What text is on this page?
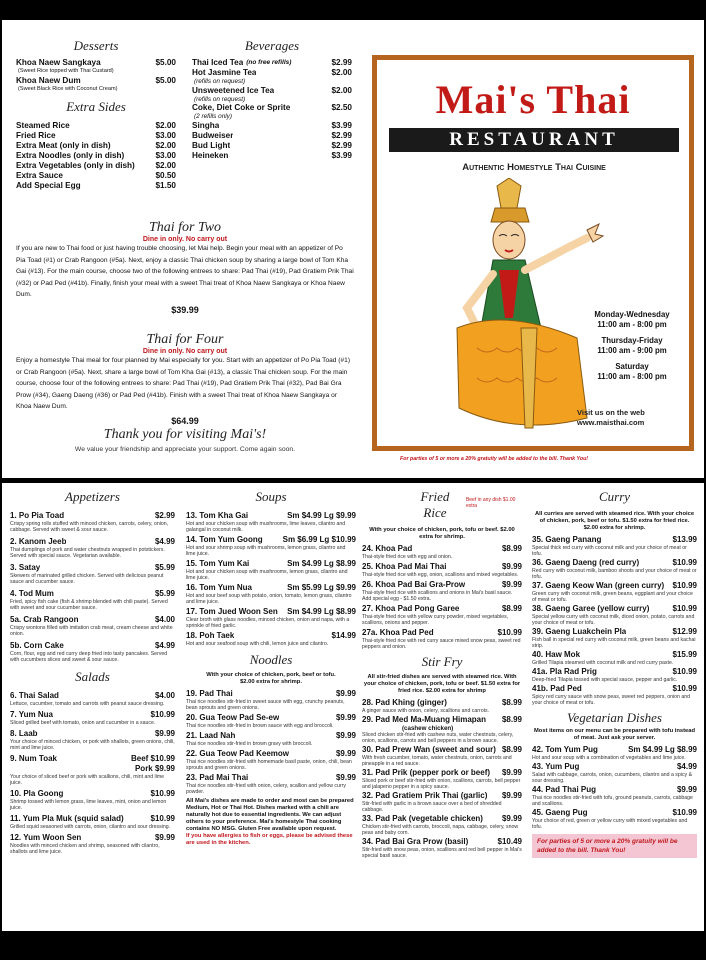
Desserts
Khoa Naew Sangkaya	$5.00
(Sweet Rice topped with Thai Custard)
Khoa Naew Dum	$5.00
(Sweet Black Rice with Coconut Cream)
Extra Sides
Steamed Rice	$2.00
Fried Rice	$3.00
Extra Meat (only in dish)	$2.00
Extra Noodles (only in dish)	$3.00
Extra Vegetables (only in dish)	$2.00
Extra Sauce	$0.50
Add Special Egg	$1.50
Beverages
Thai Iced Tea (no free refills)	$2.99
Hot Jasmine Tea	$2.00
(refills on request)
Unsweetened Ice Tea	$2.00
(refills on request)
Coke, Diet Coke or Sprite	$2.50
(2 refills only)
Singha	$3.99
Budweiser	$2.99
Bud Light	$2.99
Heineken	$3.99
Thai for Two
Dine in only. No carry out
If you are new to Thai food or just having trouble choosing, let Mai help. Begin your meal with an appetizer of Po Pia Toad (#1) or Crab Rangoon (#5a). Next, enjoy a classic Thai chicken soup by sharing a large bowl of Tom Kha Gai (#13). For the main course, choose two of the following entrees to share: Pad Thai (#19), Pad Gratiem Prik Thai (#32) or Pad Ped (#41b). Finally, finish your meal with a sweet Thai treat of Khoa Naew Sangkaya or Khoa Naew Dum.
$39.99
Thai for Four
Dine in only. No carry out
Enjoy a homestyle Thai meal for four planned by Mai especially for you. Start with an appetizer of Po Pia Toad (#1) or Crab Rangoon (#5a). Next, share a large bowl of Tom Kha Gai (#13), a classic Thai chicken soup. For the main course, choose four of the following entrees to share: Pad Thai (#19), Pad Gratiem Prik Thai (#32), Pad Bai Gra Prow (#34), Gaeng Daeng (#36) or Pad Ped (#41b). Finish with a sweet Thai treat of Khoa Naew Sangkaya or Khoa Naew Dum.
$64.99
Thank you for visiting Mai's!
We value your friendship and appreciate your support. Come again soon.
Mai's Thai
RESTAURANT
Authentic Homestyle Thai Cuisine
Monday-Wednesday
11:00 am - 8:00 pm
Thursday-Friday
11:00 am - 9:00 pm
Saturday
11:00 am - 8:00 pm
Visit us on the web
www.maisthai.com
For parties of 5 or more a 20% gratuity will be added to the bill. Thank You!
Appetizers
1. Po Pia Toad	$2.99
Crispy spring rolls stuffed with minced chicken, carrots, celery, onion, cabbage. Served with sweet & sour sauce.
2. Kanom Jeeb	$4.99
Thai dumplings of pork and water chestnuts wrapped in potstickers. Served with special sauce. Vegetarian available.
3. Satay	$5.99
Skewers of marinated grilled chicken. Served with delicious peanut sauce and cucumber sauce.
4. Tod Mum	$5.99
Fried, spicy fish cake (fish & shrimp blended with chili paste). Served with sweet and sour cucumber sauce.
5a. Crab Rangoon	$4.00
Crispy wontons filled with imitation crab meat, cream cheese and white onion.
5b. Corn Cake	$4.99
Corn, flour, egg and red curry deep fried into tasty pancakes. Served with cucumbers slices and sweet & sour sauce.
Salads
6. Thai Salad	$4.00
Lettuce, cucumber, tomato and carrots with peanut sauce dressing.
7. Yum Nua	$10.99
Sliced grilled beef with tomato, onion and cucumber in a sauce.
8. Laab	$9.99
Your choice of minced chicken, or pork with shallots, green onions, chili, mint and lime juice.
9. Num Toak	Beef $10.99
Pork $9.99
Your choice of sliced beef or pork with scallions, chili, mint and lime juice.
10. Pla Goong	$10.99
Shrimp tossed with lemon grass, lime leaves, mint, onion and lemon juice.
11. Yum Pla Muk (squid salad)	$10.99
Grilled squid seasoned with carrots, onion, cilantro and sour dressing.
12. Yum Woon Sen	$9.99
Noodles with minced chicken and shrimp, seasoned with cilantro, shallots and lime juice.
Soups
13. Tom Kha Gai	Sm $4.99 Lg $9.99
Hot and sour chicken soup with mushrooms, lime leaves, cilantro and galangal in coconut milk.
14. Tom Yum Goong	Sm $6.99 Lg $10.99
Hot and sour shrimp soup with mushrooms, lemon grass, cilantro and lime juice.
15. Tom Yum Kai	Sm $4.99 Lg $8.99
Hot and sour chicken soup with mushrooms, lemon grass, cilantro and lime juice.
16. Tom Yum Nua	Sm $5.99 Lg $9.99
Hot and sour beef soup with potato, onion, tomato, lemon grass, cilantro and lime juice.
17. Tom Jued Woon Sen Sm $4.99 Lg $8.99
Clear broth with glass noodles, minced chicken, onion and napa, with a sprinkle of fried garlic.
18. Poh Taek	$14.99
Hot and sour seafood soup with chili, lemon juice and cilantro.
Noodles
With your choice of chicken, pork, beef or tofu. $2.00 extra for shrimp.
19. Pad Thai	$9.99
Thai rice noodles stir-fried in sweet sauce with egg, crunchy peanuts, bean sprouts and green onions.
20. Gua Teow Pad Se-ew	$9.99
Thai rice noodles stir-fried in brown sauce with egg and broccoli.
21. Laad Nah	$9.99
Thai rice noodles stir-fried in brown gravy with broccoli.
22. Gua Teow Pad Keemow	$9.99
Thai rice noodles stir-fried with homemade basil paste, onion, chili, bean sprouts and green onions.
23. Pad Mai Thai	$9.99
Thai rice noodles stir-fried with onion, celery, scallion and yellow curry powder.
All Mai's dishes are made to order and most can be prepared Medium, Hot or Thai Hot. Dishes marked with a chili are naturally hot due to essential ingredients. We can adjust others to your preference. Mai's homestyle Thai cooking contains NO MSG. Gluten Free available upon request.
If you have allergies to fish or eggs, please be advised these are used in the kitchen.
Fried Rice
Beef in any dish $1.00 extra
With your choice of chicken, pork, tofu or beef. $2.00 extra for shrimp.
24. Khoa Pad	$8.99
Thai-style fried rice with egg and onion.
25. Khoa Pad Mai Thai	$9.99
Thai-style fried rice with egg, onion, scallions and mixed vegetables.
26. Khoa Pad Bai Gra-Prow	$9.99
Thai-style fried rice with scallions and onions in Mai's basil sauce. Add special egg - $1.50 extra.
27. Khoa Pad Pong Garee	$8.99
Thai-style fried rice with yellow curry powder, mixed vegetables, scallions, onions and pepper.
27a. Khoa Pad Ped	$10.99
Thai-style fried rice with red curry sauce mixed snow peas, sweet red peppers and onion.
Stir Fry
All stir-fried dishes are served with steamed rice. With your choice of chicken, pork, tofu or beef. $1.50 extra for fried rice. $2.00 extra for shrimp
28. Pad Khing (ginger)	$8.99
A ginger sauce with onion, celery, scallions and carrots.
29. Pad Med Ma-Muang Himapan $8.99
(cashew chicken)
Sliced chicken stir-fried with cashew nuts, water chestnuts, celery, onion, scallions, carrots and bell peppers in a brown sauce.
30. Pad Prew Wan (sweet and sour) $8.99
With fresh cucumber, tomato, water chestnuts, onion, carrots and pineapple in a red sauce.
31. Pad Prik (pepper pork or beef) $9.99
Sliced pork or beef stir-fried with onion, scallions, carrots, bell pepper and jalapeno pepper in a spicy sauce.
32. Pad Gratiem Prik Thai (garlic) $9.99
Stir-fried with garlic in a brown sauce over a bed of shredded cabbage.
33. Pad Pak (vegetable chicken) $9.99
Chicken stir-fried with carrots, broccoli, napa, cabbage, celery, snow peas and baby corn.
34. Pad Bai Gra Prow (basil)	$10.49
Stir-fried with snow peas, onion, scallions and red bell pepper in Mai's special basil sauce.
Curry
All curries are served with steamed rice. With your choice of chicken, pork, beef or tofu. $1.50 extra for fried rice. $2.00 extra for shrimp.
35. Gaeng Panang	$13.99
Special thick red curry with coconut milk and your choice of meat or tofu.
36. Gaeng Daeng (red curry)	$10.99
Red curry with coconut milk, bamboo shoots and your choice of meat or tofu.
37. Gaeng Keow Wan (green curry) $10.99
Green curry with coconut milk, green beans, eggplant and your choice of meat or tofu.
38. Gaeng Garee (yellow curry)	$10.99
Special yellow curry with coconut milk, diced onion, potato, carrots and your choice of meat or tofu.
39. Gaeng Luakchein Pla	$12.99
Fish ball in special red curry with coconut milk, green beans and kachai strip.
40. Haw Mok	$15.99
Grilled Tilapia steamed with coconut milk and red curry paste.
41a. Pla Rad Prig	$10.99
Deep-fried Tilapia tossed with special sauce, pepper and garlic.
41b. Pad Ped	$10.99
Spicy red curry sauce with snow peas, sweet red peppers, onion and your choice of meat or tofu.
Vegetarian Dishes
Most items on our menu can be prepared with tofu instead of meat. Just ask your server.
42. Tom Yum Pug	Sm $4.99 Lg $8.99
Hot and sour soup with a combination of vegetables and lime juice.
43. Yum Pug	$4.99
Salad with cabbage, carrots, onion, cucumbers, cilantro and a spicy & sour dressing.
44. Pad Thai Pug	$9.99
Thai rice noodles stir-fried with tofu, ground peanuts, carrots, cabbage and scallions.
45. Gaeng Pug	$10.99
Your choice of red, green or yellow curry with mixed vegetables and tofu.
For parties of 5 or more a 20% gratuity will be added to the bill. Thank You!
